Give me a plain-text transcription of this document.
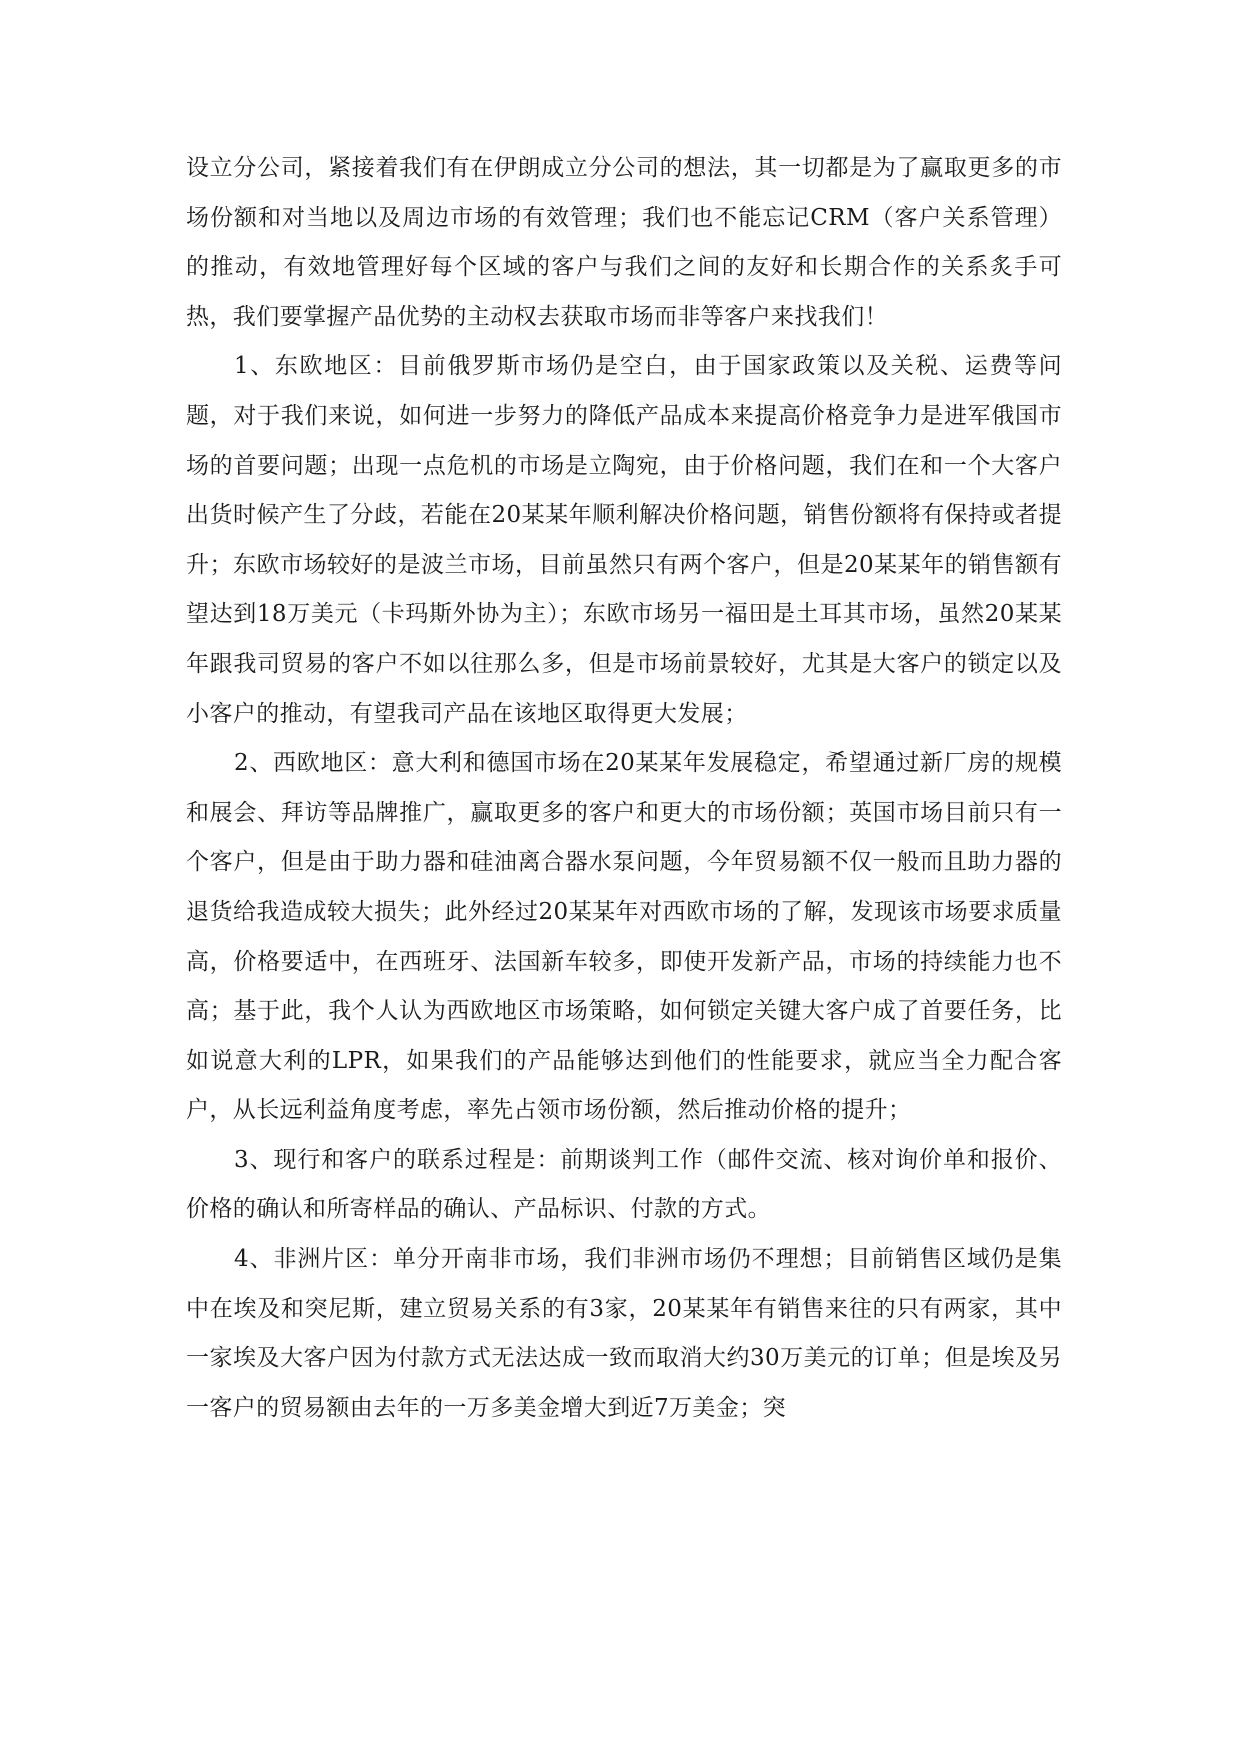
设立分公司，紧接着我们有在伊朗成立分公司的想法，其一切都是为了赢取更多的市场份额和对当地以及周边市场的有效管理；我们也不能忘记CRM（客户关系管理）的推动，有效地管理好每个区域的客户与我们之间的友好和长期合作的关系炙手可热，我们要掌握产品优势的主动权去获取市场而非等客户来找我们！

1、东欧地区：目前俄罗斯市场仍是空白，由于国家政策以及关税、运费等问题，对于我们来说，如何进一步努力的降低产品成本来提高价格竞争力是进军俄国市场的首要问题；出现一点危机的市场是立陶宛，由于价格问题，我们在和一个大客户出货时候产生了分歧，若能在20某某年顺利解决价格问题，销售份额将有保持或者提升；东欧市场较好的是波兰市场，目前虽然只有两个客户，但是20某某年的销售额有望达到18万美元（卡玛斯外协为主）；东欧市场另一福田是土耳其市场，虽然20某某年跟我司贸易的客户不如以往那么多，但是市场前景较好，尤其是大客户的锁定以及小客户的推动，有望我司产品在该地区取得更大发展；

2、西欧地区：意大利和德国市场在20某某年发展稳定，希望通过新厂房的规模和展会、拜访等品牌推广，赢取更多的客户和更大的市场份额；英国市场目前只有一个客户，但是由于助力器和硅油离合器水泵问题，今年贸易额不仅一般而且助力器的退货给我造成较大损失；此外经过20某某年对西欧市场的了解，发现该市场要求质量高，价格要适中，在西班牙、法国新车较多，即使开发新产品，市场的持续能力也不高；基于此，我个人认为西欧地区市场策略，如何锁定关键大客户成了首要任务，比如说意大利的LPR，如果我们的产品能够达到他们的性能要求，就应当全力配合客户，从长远利益角度考虑，率先占领市场份额，然后推动价格的提升；

3、现行和客户的联系过程是：前期谈判工作（邮件交流、核对询价单和报价、价格的确认和所寄样品的确认、产品标识、付款的方式。

4、非洲片区：单分开南非市场，我们非洲市场仍不理想；目前销售区域仍是集中在埃及和突尼斯，建立贸易关系的有3家，20某某年有销售来往的只有两家，其中一家埃及大客户因为付款方式无法达成一致而取消大约30万美元的订单；但是埃及另一客户的贸易额由去年的一万多美金增大到近7万美金；突
